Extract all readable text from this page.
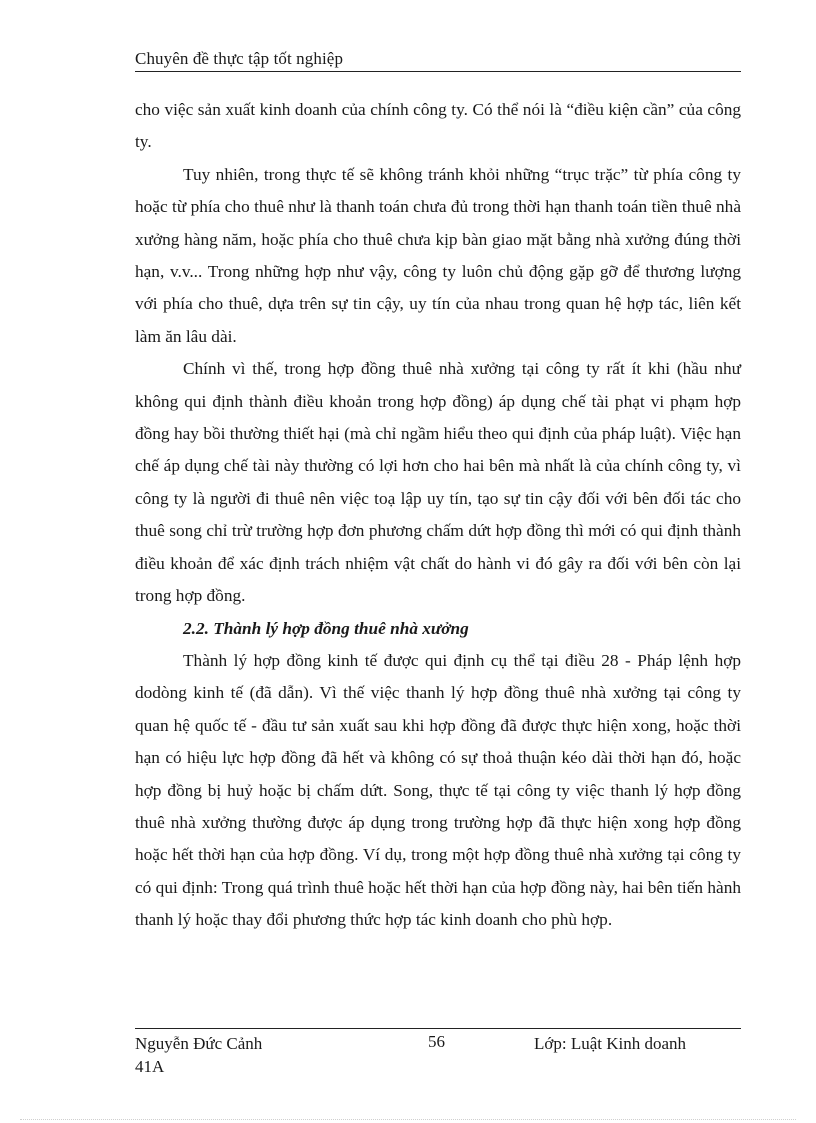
Chuyên đề thực tập tốt nghiệp

cho việc sản xuất kinh doanh của chính công ty. Có thể nói là “điều kiện cần” của công ty.

Tuy nhiên, trong thực tế sẽ không tránh khỏi những “trục trặc” từ phía công ty hoặc từ phía cho thuê như là thanh toán chưa đủ trong thời hạn thanh toán tiền thuê nhà xưởng hàng năm, hoặc phía cho thuê chưa kịp bàn giao mặt bằng nhà xưởng đúng thời hạn, v.v... Trong những hợp như vậy, công ty luôn chủ động gặp gỡ để thương lượng với phía cho thuê, dựa trên sự tin cậy, uy tín của nhau trong quan hệ hợp tác, liên kết làm ăn lâu dài.

Chính vì thế, trong hợp đồng thuê nhà xưởng tại công ty rất ít khi (hầu như không qui định thành điều khoản trong hợp đồng) áp dụng chế tài phạt vi phạm hợp đồng hay bồi thường thiết hại (mà chỉ ngầm hiểu theo qui định của pháp luật). Việc hạn chế áp dụng chế tài này thường có lợi hơn cho hai bên mà nhất là của chính công ty, vì công ty là người đi thuê nên việc toạ lập uy tín, tạo sự tin cậy đối với bên đối tác cho thuê song chỉ trừ trường hợp đơn phương chấm dứt hợp đồng thì mới có qui định thành điều khoản để xác định trách nhiệm vật chất do hành vi đó gây ra đối với bên còn lại trong hợp đồng.

2.2. Thành lý hợp đồng thuê nhà xưởng

Thành lý hợp đồng kinh tế được qui định cụ thể tại điều 28 - Pháp lệnh hợp dodòng kinh tế (đã dẫn). Vì thế việc thanh lý hợp đồng thuê nhà xưởng tại công ty quan hệ quốc tế - đầu tư sản xuất sau khi hợp đồng đã được thực hiện xong, hoặc thời hạn có hiệu lực hợp đồng đã hết và không có sự thoả thuận kéo dài thời hạn đó, hoặc hợp đồng bị huỷ hoặc bị chấm dứt. Song, thực tế tại công ty việc thanh lý hợp đồng thuê nhà xưởng thường được áp dụng trong trường hợp đã thực hiện xong hợp đồng hoặc hết thời hạn của hợp đồng. Ví dụ, trong một hợp đồng thuê nhà xưởng tại công ty có qui định: Trong quá trình thuê hoặc hết thời hạn của hợp đồng này, hai bên tiến hành thanh lý hoặc thay đổi phương thức hợp tác kinh doanh cho phù hợp.

Nguyễn Đức Cảnh
41A
56	Lớp: Luật Kinh doanh
